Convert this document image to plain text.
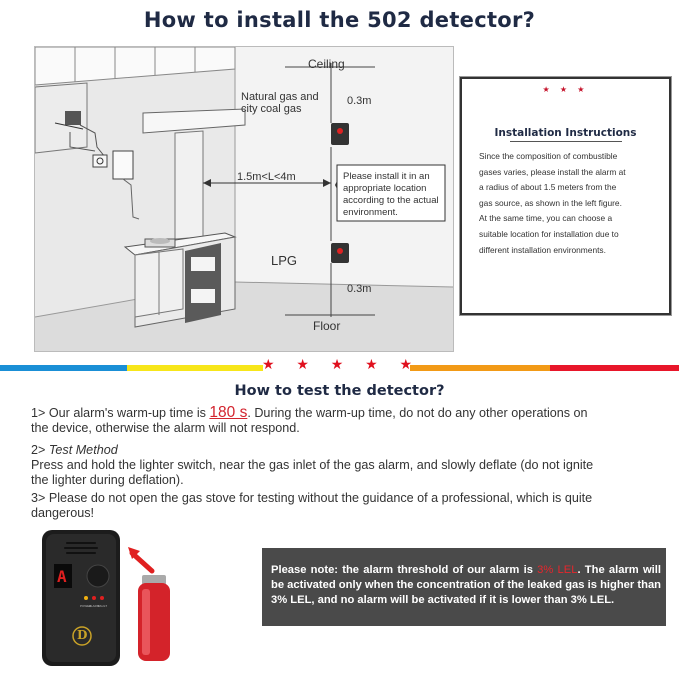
How to install the 502 detector?
Ceiling
Natural gas and
city coal gas
0.3m
1.5m<L<4m	Please install it in an
appropriate location
according to the actual
environment.
LPG
0.3m
Floor
★ ★ ★
Installation Instructions
Since the composition of combustible
gases varies, please install the alarm at
a radius of about 1.5 meters from the
gas source, as shown in the left figure.
At the same time, you can choose a
suitable location for installation due to
different installation environments.
★ ★ ★ ★ ★
How to test the detector?
1> Our alarm's warm-up time is 180 s. During the warm-up time, do not do any other operations on
the device, otherwise the alarm will not respond.
2> Test Method
Press and hold the lighter switch, near the gas inlet of the gas alarm, and slowly deflate (do not ignite
the lighter during deflation).
3> Please do not open the gas stove for testing without the guidance of a professional, which is quite
dangerous!
A
POWER
ALARM
FAULT
D
Please note: the alarm threshold of our alarm is 3% LEL. The alarm will be activated only when the concentration of the leaked gas is higher than 3% LEL, and no alarm will be activated if it is lower than 3% LEL.
